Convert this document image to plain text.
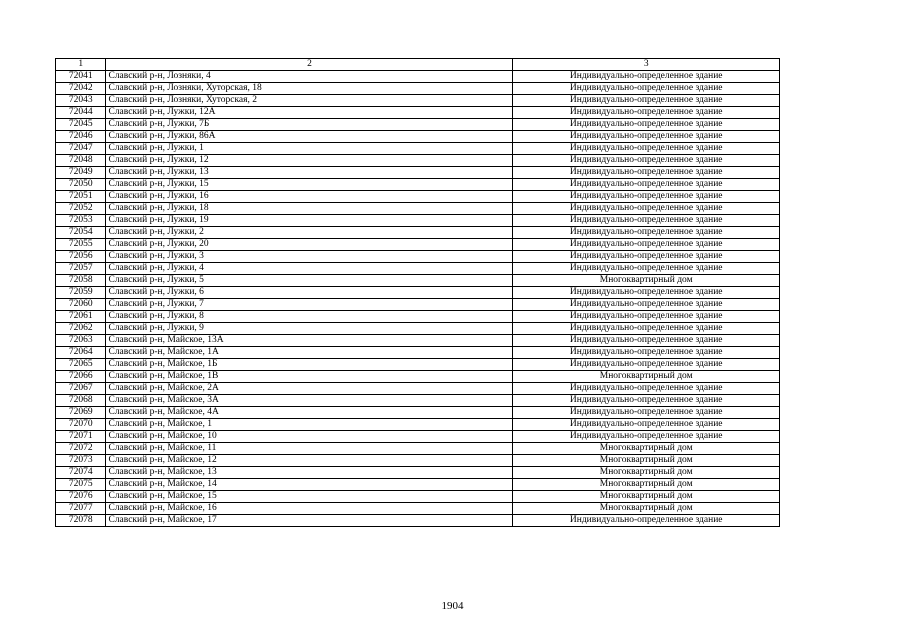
1	2	3
72041	Славский р-н, Лозняки, 4	Индивидуально-определенное здание
72042	Славский р-н, Лозняки, Хуторская, 18	Индивидуально-определенное здание
72043	Славский р-н, Лозняки, Хуторская, 2	Индивидуально-определенное здание
72044	Славский р-н, Лужки, 12А	Индивидуально-определенное здание
72045	Славский р-н, Лужки, 7Б	Индивидуально-определенное здание
72046	Славский р-н, Лужки, 86А	Индивидуально-определенное здание
72047	Славский р-н, Лужки, 1	Индивидуально-определенное здание
72048	Славский р-н, Лужки, 12	Индивидуально-определенное здание
72049	Славский р-н, Лужки, 13	Индивидуально-определенное здание
72050	Славский р-н, Лужки, 15	Индивидуально-определенное здание
72051	Славский р-н, Лужки, 16	Индивидуально-определенное здание
72052	Славский р-н, Лужки, 18	Индивидуально-определенное здание
72053	Славский р-н, Лужки, 19	Индивидуально-определенное здание
72054	Славский р-н, Лужки, 2	Индивидуально-определенное здание
72055	Славский р-н, Лужки, 20	Индивидуально-определенное здание
72056	Славский р-н, Лужки, 3	Индивидуально-определенное здание
72057	Славский р-н, Лужки, 4	Индивидуально-определенное здание
72058	Славский р-н, Лужки, 5	Многоквартирный дом
72059	Славский р-н, Лужки, 6	Индивидуально-определенное здание
72060	Славский р-н, Лужки, 7	Индивидуально-определенное здание
72061	Славский р-н, Лужки, 8	Индивидуально-определенное здание
72062	Славский р-н, Лужки, 9	Индивидуально-определенное здание
72063	Славский р-н, Майское, 13А	Индивидуально-определенное здание
72064	Славский р-н, Майское, 1А	Индивидуально-определенное здание
72065	Славский р-н, Майское, 1Б	Индивидуально-определенное здание
72066	Славский р-н, Майское, 1В	Многоквартирный дом
72067	Славский р-н, Майское, 2А	Индивидуально-определенное здание
72068	Славский р-н, Майское, 3А	Индивидуально-определенное здание
72069	Славский р-н, Майское, 4А	Индивидуально-определенное здание
72070	Славский р-н, Майское, 1	Индивидуально-определенное здание
72071	Славский р-н, Майское, 10	Индивидуально-определенное здание
72072	Славский р-н, Майское, 11	Многоквартирный дом
72073	Славский р-н, Майское, 12	Многоквартирный дом
72074	Славский р-н, Майское, 13	Многоквартирный дом
72075	Славский р-н, Майское, 14	Многоквартирный дом
72076	Славский р-н, Майское, 15	Многоквартирный дом
72077	Славский р-н, Майское, 16	Многоквартирный дом
72078	Славский р-н, Майское, 17	Индивидуально-определенное здание
1904
